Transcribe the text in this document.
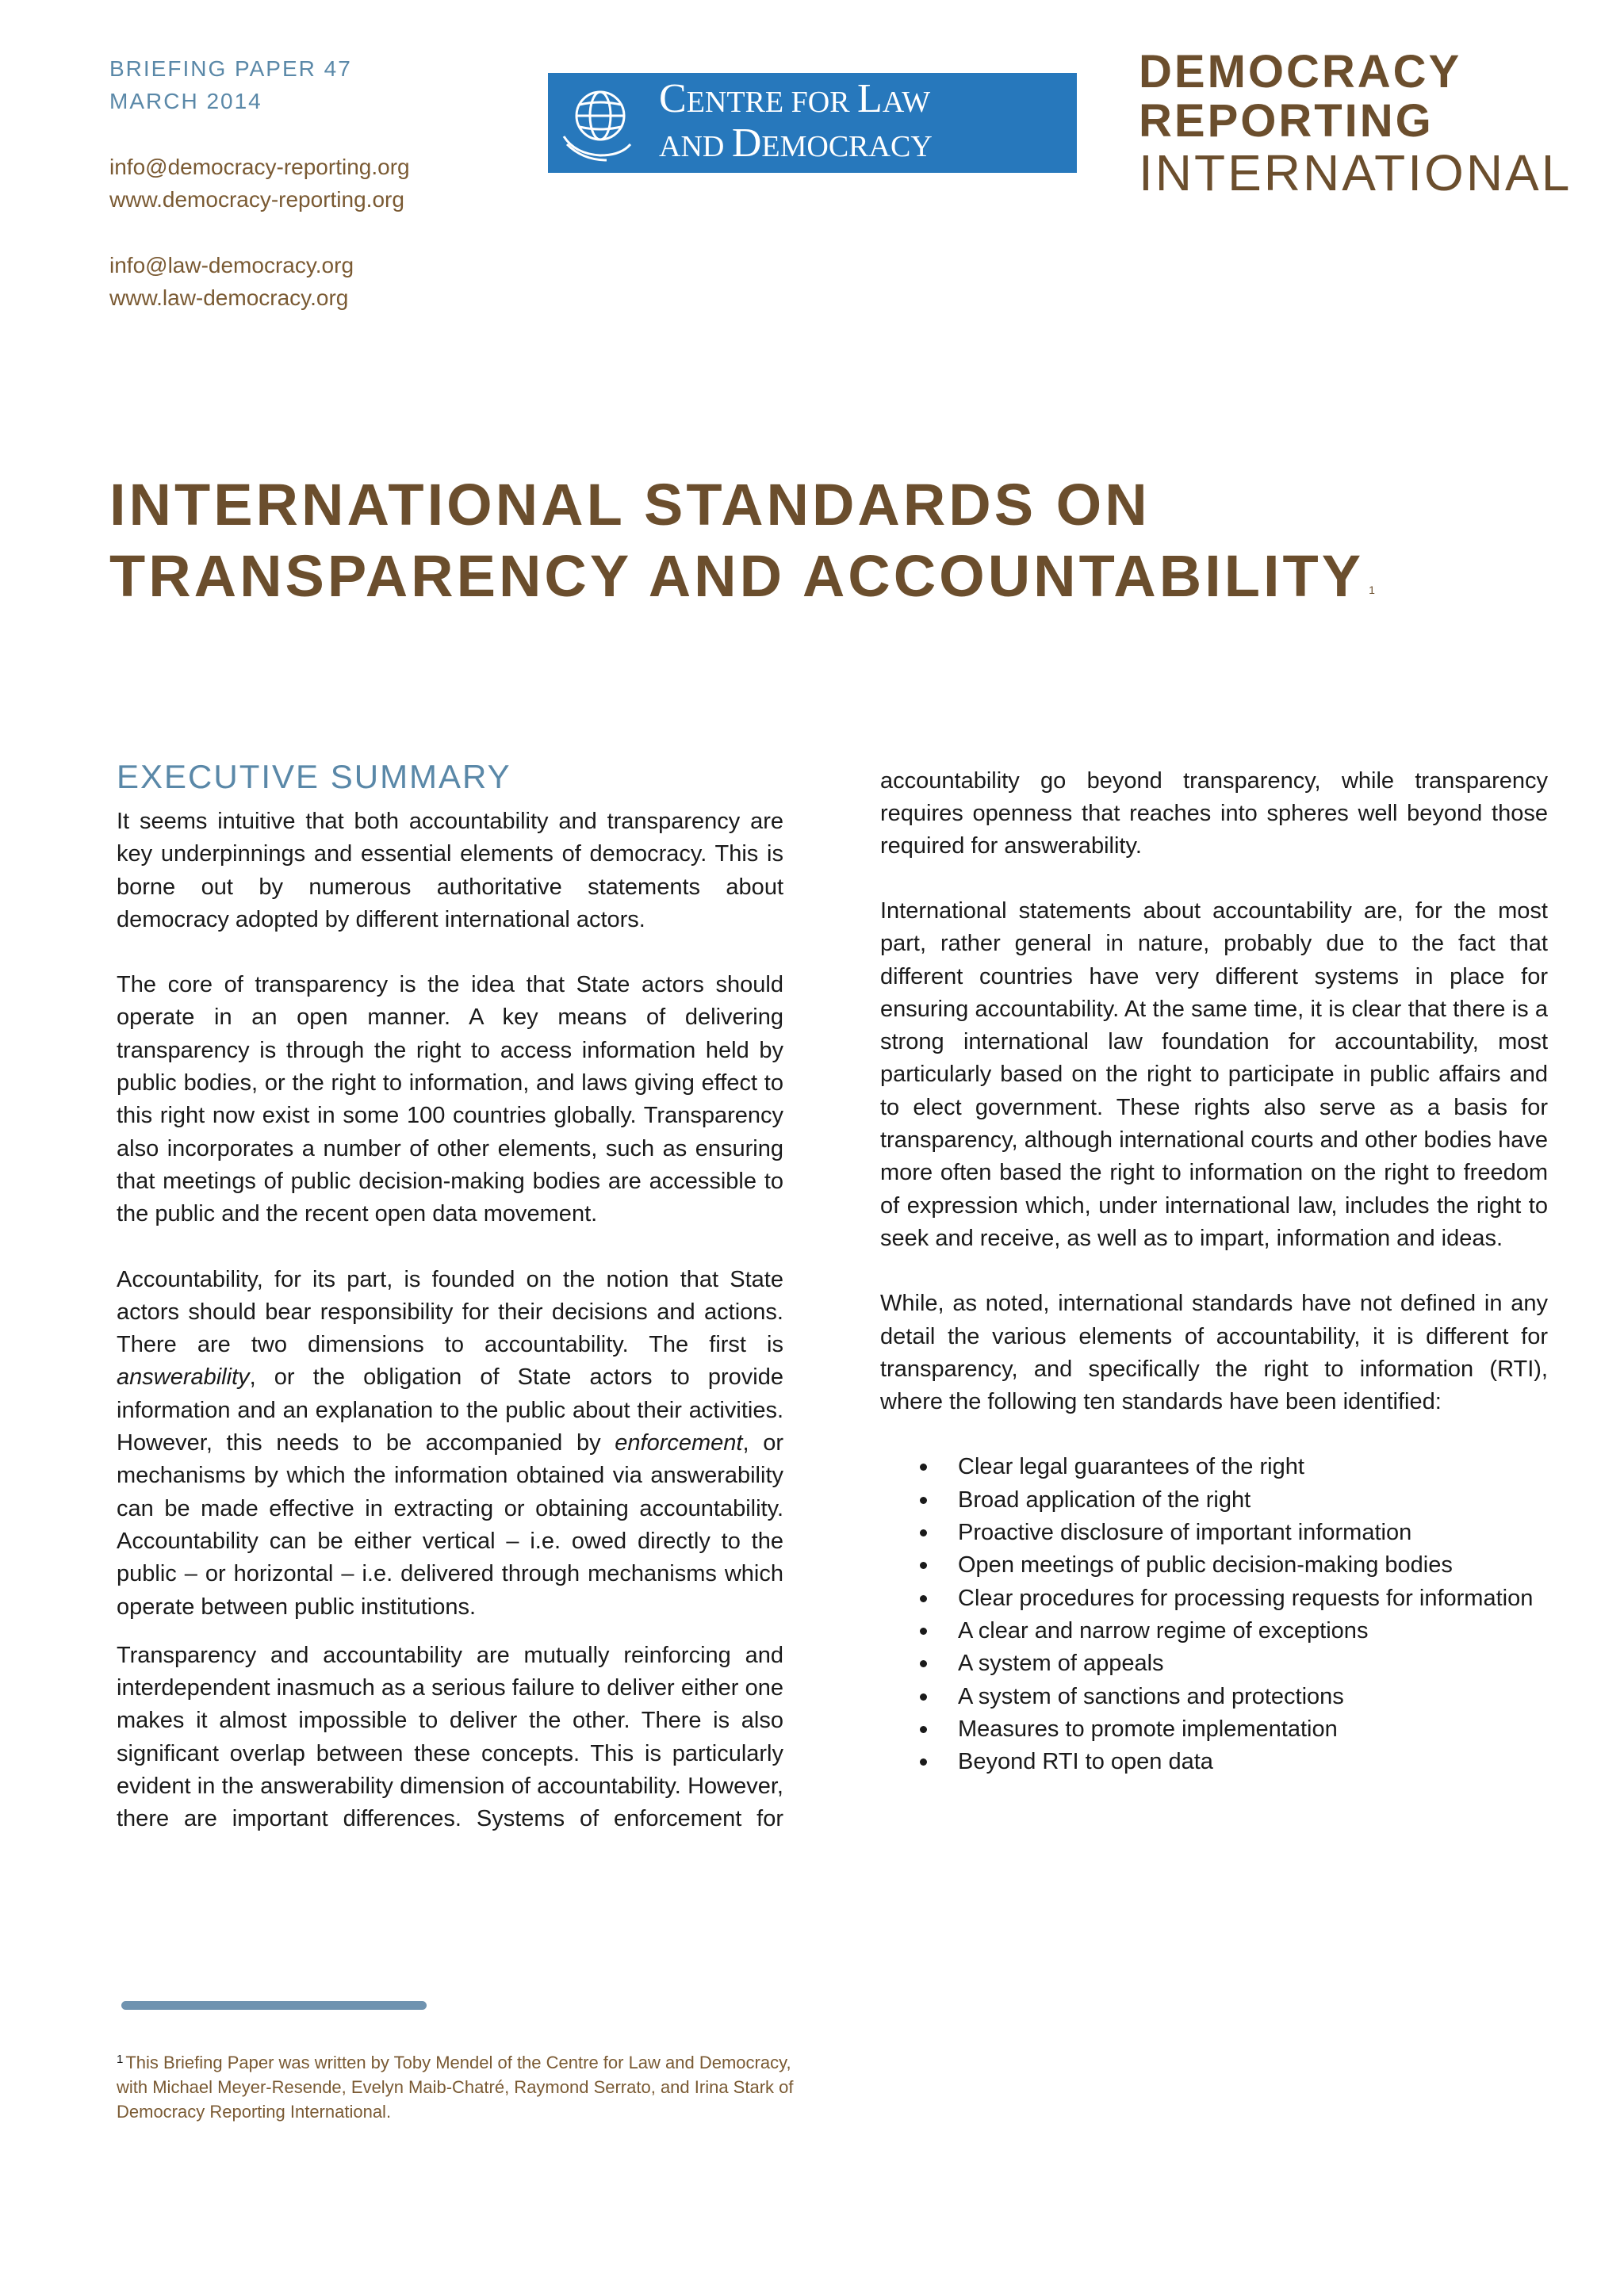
BRIEFING PAPER 47
MARCH 2014
info@democracy-reporting.org
www.democracy-reporting.org
info@law-democracy.org
www.law-democracy.org
CENTRE FOR LAW
AND DEMOCRACY
DEMOCRACY
REPORTING
INTERNATIONAL
INTERNATIONAL STANDARDS ON
TRANSPARENCY AND ACCOUNTABILITY $^1$
EXECUTIVE SUMMARY

It seems intuitive that both accountability and transparency are key underpinnings and essential elements of democracy. This is borne out by numerous authoritative statements about democracy adopted by different international actors.

The core of transparency is the idea that State actors should operate in an open manner. A key means of delivering transparency is through the right to access information held by public bodies, or the right to information, and laws giving effect to this right now exist in some 100 countries globally. Transparency also incorporates a number of other elements, such as ensuring that meetings of public decision-making bodies are accessible to the public and the recent open data movement.

Accountability, for its part, is founded on the notion that State actors should bear responsibility for their decisions and actions. There are two dimensions to accountability. The first is answerability, or the obligation of State actors to provide information and an explanation to the public about their activities. However, this needs to be accompanied by enforcement, or mechanisms by which the information obtained via answerability can be made effective in extracting or obtaining accountability. Accountability can be either vertical – i.e. owed directly to the public – or horizontal – i.e. delivered through mechanisms which operate between public institutions.

Transparency and accountability are mutually reinforcing and interdependent inasmuch as a serious failure to deliver either one makes it almost impossible to deliver the other. There is also significant overlap between these concepts. This is particularly evident in the answerability dimension of accountability. However, there are important differences. Systems of enforcement for

accountability go beyond transparency, while transparency requires openness that reaches into spheres well beyond those required for answerability.

International statements about accountability are, for the most part, rather general in nature, probably due to the fact that different countries have very different systems in place for ensuring accountability. At the same time, it is clear that there is a strong international law foundation for accountability, most particularly based on the right to participate in public affairs and to elect government. These rights also serve as a basis for transparency, although international courts and other bodies have more often based the right to information on the right to freedom of expression which, under international law, includes the right to seek and receive, as well as to impart, information and ideas.

While, as noted, international standards have not defined in any detail the various elements of accountability, it is different for transparency, and specifically the right to information (RTI), where the following ten standards have been identified:

Clear legal guarantees of the right
Broad application of the right
Proactive disclosure of important information
Open meetings of public decision-making bodies
Clear procedures for processing requests for information
A clear and narrow regime of exceptions
A system of appeals
A system of sanctions and protections
Measures to promote implementation
Beyond RTI to open data
$^1$ This Briefing Paper was written by Toby Mendel of the Centre for Law and Democracy, with Michael Meyer-Resende, Evelyn Maib-Chatré, Raymond Serrato, and Irina Stark of Democracy Reporting International.
